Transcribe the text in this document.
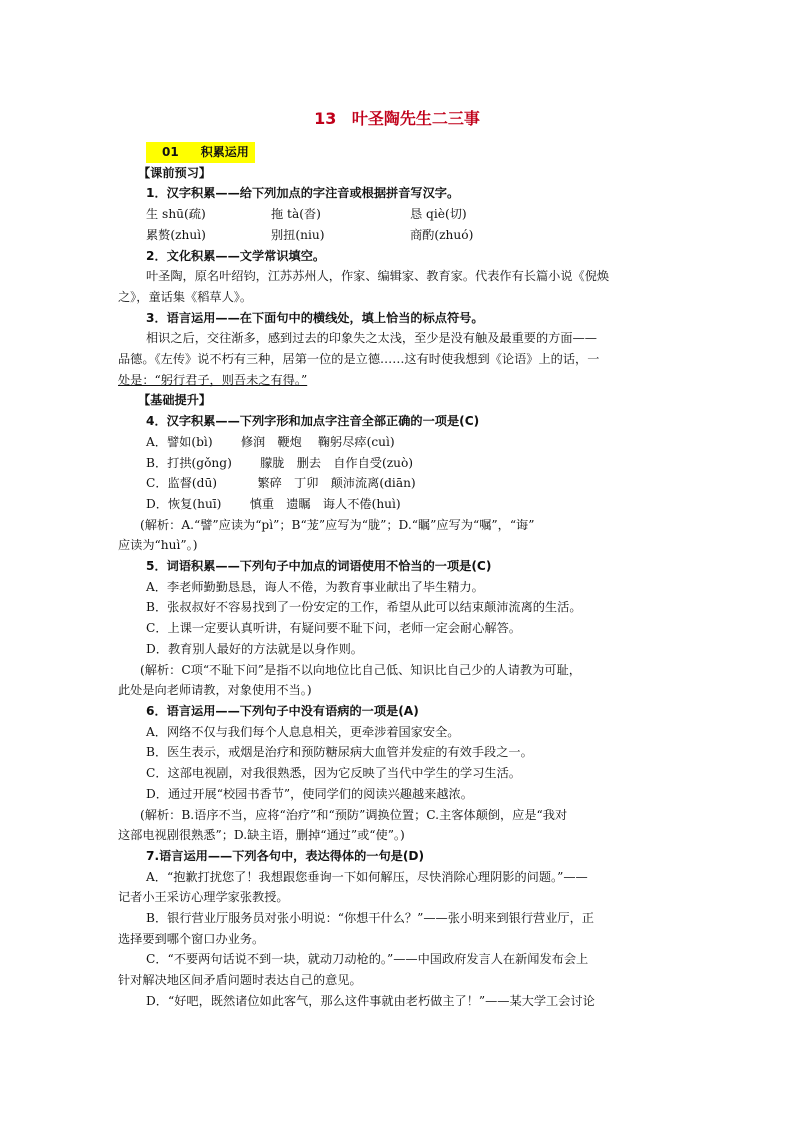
13 叶圣陶先生二三事
01 积累运用

【课前预习】

1．汉字积累——给下列加点的字注音或根据拼音写汉字。

生 shū(疏)	拖 tà(沓)	恳 qiè(切)
累赘(zhuì)	别扭(niu)	商酌(zhuó)

2．文化积累——文学常识填空。

叶圣陶，原名叶绍钧，江苏苏州人，作家、编辑家、教育家。代表作有长篇小说《倪焕

之》，童话集《稻草人》。

3．语言运用——在下面句中的横线处，填上恰当的标点符号。

相识之后，交往渐多，感到过去的印象失之太浅，至少是没有触及最重要的方面——

品德。《左传》说不朽有三种，居第一位的是立德……这有时使我想到《论语》上的话，一

处是：“躬行君子，则吾未之有得。”

【基础提升】

4．汉字积累——下列字形和加点字注音全部正确的一项是(C)

A．譬如(bì)　　 修润　鞭炮　 鞠躬尽瘁(cuì)

B．打拱(gǒng)　　 朦胧　删去　自作自受(zuò)

C．监督(dū)　　　 繁碎　丁卯　颠沛流离(diān)

D．恢复(huī)　　 慎重　遗瞩　诲人不倦(huì)

(解析：A.“譬”应读为“pì”；B“茏”应写为“胧”；D.“瞩”应写为“嘱”，“诲”

应读为“huì”。)

5．词语积累——下列句子中加点的词语使用不恰当的一项是(C)

A．李老师勤勤恳恳，诲人不倦，为教育事业献出了毕生精力。

B．张叔叔好不容易找到了一份安定的工作，希望从此可以结束颠沛流离的生活。

C．上课一定要认真听讲，有疑问要不耻下问，老师一定会耐心解答。

D．教育别人最好的方法就是以身作则。

(解析：C项“不耻下问”是指不以向地位比自己低、知识比自己少的人请教为可耻，

此处是向老师请教，对象使用不当。)

6．语言运用——下列句子中没有语病的一项是(A)

A．网络不仅与我们每个人息息相关，更牵涉着国家安全。

B．医生表示，戒烟是治疗和预防糖尿病大血管并发症的有效手段之一。

C．这部电视剧，对我很熟悉，因为它反映了当代中学生的学习生活。

D．通过开展“校园书香节”，使同学们的阅读兴趣越来越浓。

(解析：B.语序不当，应将“治疗”和“预防”调换位置；C.主客体颠倒，应是“我对

这部电视剧很熟悉”；D.缺主语，删掉“通过”或“使”。)

7.语言运用——下列各句中，表达得体的一句是(D)

A．“抱歉打扰您了！我想跟您垂询一下如何解压，尽快消除心理阴影的问题。”——

记者小王采访心理学家张教授。

B．银行营业厅服务员对张小明说：“你想干什么？”——张小明来到银行营业厅，正

选择要到哪个窗口办业务。

C．“不要两句话说不到一块，就动刀动枪的。”——中国政府发言人在新闻发布会上

针对解决地区间矛盾问题时表达自己的意见。

D．“好吧，既然诸位如此客气，那么这件事就由老朽做主了！”——某大学工会讨论
